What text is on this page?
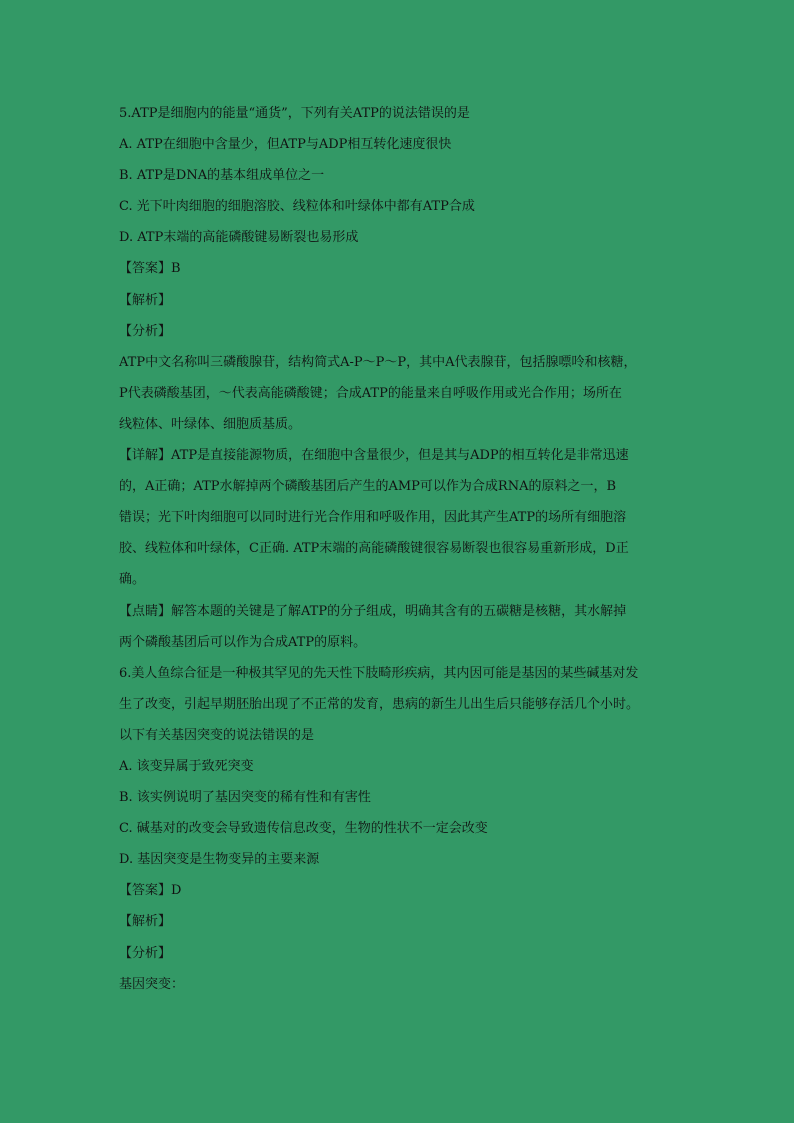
5.ATP是细胞内的能量“通货”，下列有关ATP的说法错误的是
A. ATP在细胞中含量少，但ATP与ADP相互转化速度很快
B. ATP是DNA的基本组成单位之一
C. 光下叶肉细胞的细胞溶胶、线粒体和叶绿体中都有ATP合成
D. ATP末端的高能磷酸键易断裂也易形成
【答案】B
【解析】
【分析】
ATP中文名称叫三磷酸腺苷，结构简式A-P～P～P，其中A代表腺苷，包括腺嘌呤和核糖，
P代表磷酸基团，～代表高能磷酸键；合成ATP的能量来自呼吸作用或光合作用；场所在
线粒体、叶绿体、细胞质基质。
【详解】ATP是直接能源物质，在细胞中含量很少，但是其与ADP的相互转化是非常迅速
的，A正确；ATP水解掉两个磷酸基团后产生的AMP可以作为合成RNA的原料之一，B
错误；光下叶肉细胞可以同时进行光合作用和呼吸作用，因此其产生ATP的场所有细胞溶
胶、线粒体和叶绿体，C正确. ATP末端的高能磷酸键很容易断裂也很容易重新形成，D正
确。
【点睛】解答本题的关键是了解ATP的分子组成，明确其含有的五碳糖是核糖，其水解掉
两个磷酸基团后可以作为合成ATP的原料。
6.美人鱼综合征是一种极其罕见的先天性下肢畸形疾病，其内因可能是基因的某些碱基对发
生了改变，引起早期胚胎出现了不正常的发育，患病的新生儿出生后只能够存活几个小时。
以下有关基因突变的说法错误的是
A. 该变异属于致死突变
B. 该实例说明了基因突变的稀有性和有害性
C. 碱基对的改变会导致遗传信息改变，生物的性状不一定会改变
D. 基因突变是生物变异的主要来源
【答案】D
【解析】
【分析】
基因突变：
